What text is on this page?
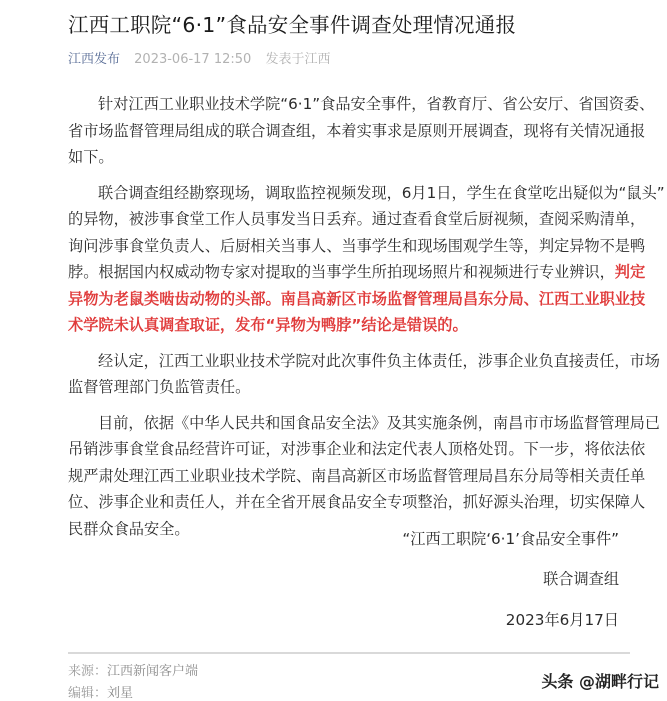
江西工职院“6·1”食品安全事件调查处理情况通报
江西发布 2023-06-17 12:50 发表于江西
针对江西工业职业技术学院“6·1”食品安全事件，省教育厅、省公安厅、省国资委、
省市场监督管理局组成的联合调查组，本着实事求是原则开展调查，现将有关情况通报
如下。
联合调查组经勘察现场，调取监控视频发现，6月1日，学生在食堂吃出疑似为“鼠头”
的异物，被涉事食堂工作人员事发当日丢弃。通过查看食堂后厨视频，查阅采购清单，
询问涉事食堂负责人、后厨相关当事人、当事学生和现场围观学生等，判定异物不是鸭
脖。根据国内权威动物专家对提取的当事学生所拍现场照片和视频进行专业辨识，判定
异物为老鼠类啮齿动物的头部。南昌高新区市场监督管理局昌东分局、江西工业职业技
术学院未认真调查取证，发布“异物为鸭脖”结论是错误的。
经认定，江西工业职业技术学院对此次事件负主体责任，涉事企业负直接责任，市场
监督管理部门负监管责任。
目前，依据《中华人民共和国食品安全法》及其实施条例，南昌市市场监督管理局已
吊销涉事食堂食品经营许可证，对涉事企业和法定代表人顶格处罚。下一步，将依法依
规严肃处理江西工业职业技术学院、南昌高新区市场监督管理局昌东分局等相关责任单
位、涉事企业和责任人，并在全省开展食品安全专项整治，抓好源头治理，切实保障人
民群众食品安全。
“江西工职院‘6·1’食品安全事件”
联合调查组
2023年6月17日
来源：江西新闻客户端
编辑：刘星
头条 @湖畔行记
